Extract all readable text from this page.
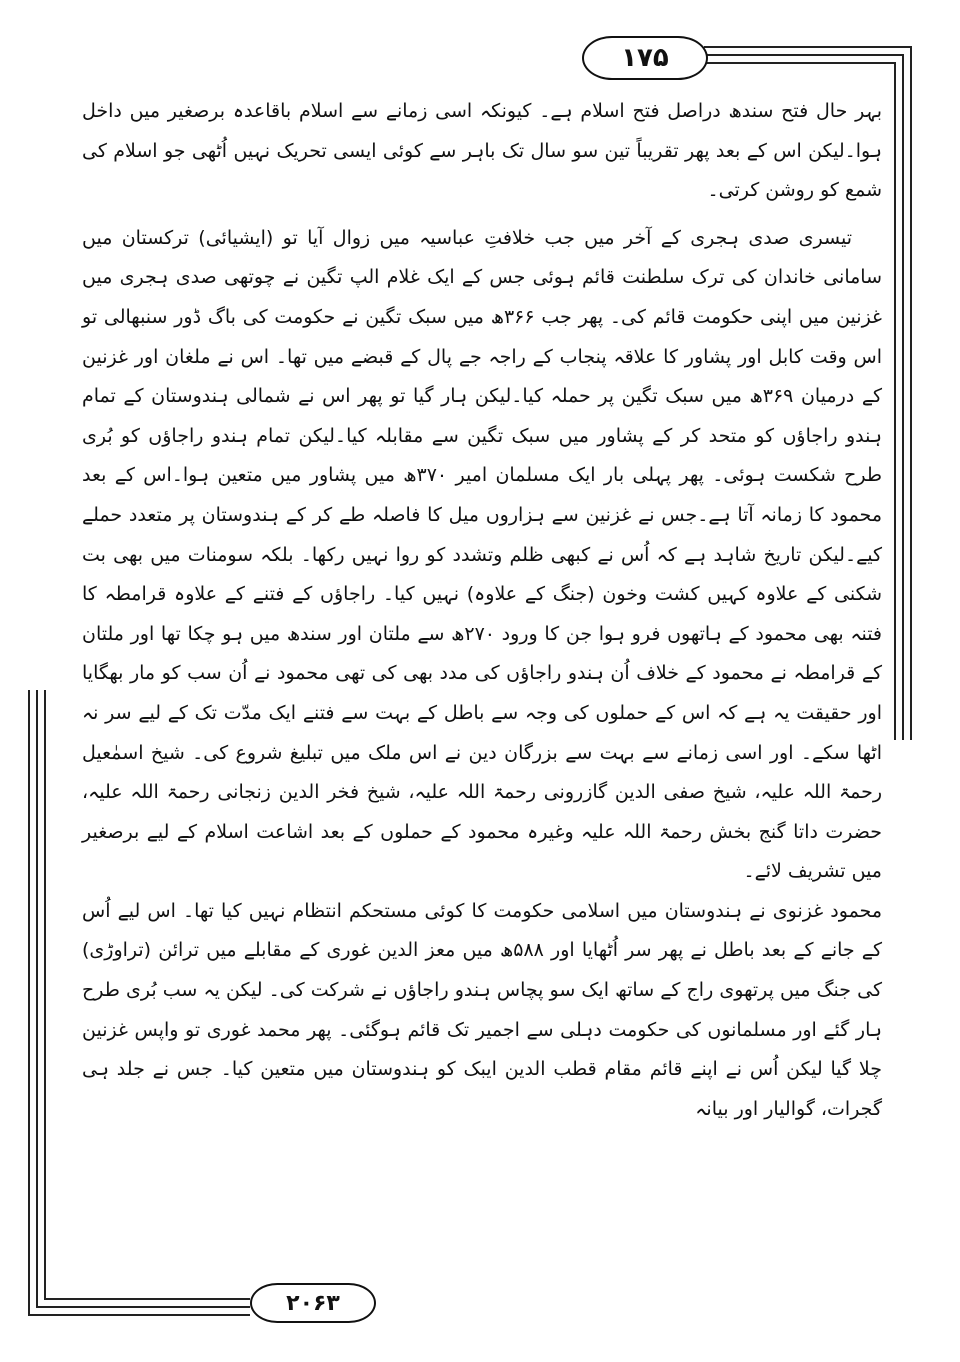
۱۷۵

بہر حال فتح سندھ دراصل فتح اسلام ہے۔ کیونکہ اسی زمانے سے اسلام باقاعدہ برصغیر میں داخل ہوا۔لیکن اس کے بعد پھر تقریباً تین سو سال تک باہر سے کوئی ایسی تحریک نہیں اُٹھی جو اسلام کی شمع کو روشن کرتی۔

تیسری صدی ہجری کے آخر میں جب خلافتِ عباسیہ میں زوال آیا تو (ایشیائی) ترکستان میں سامانی خاندان کی ترک سلطنت قائم ہوئی جس کے ایک غلام الپ تگین نے چوتھی صدی ہجری میں غزنین میں اپنی حکومت قائم کی۔ پھر جب ۳۶۶ھ میں سبک تگین نے حکومت کی باگ ڈور سنبھالی تو اس وقت کابل اور پشاور کا علاقہ پنجاب کے راجہ جے پال کے قبضے میں تھا۔ اس نے ملغان اور غزنین کے درمیان ۳۶۹ھ میں سبک تگین پر حملہ کیا۔لیکن ہار گیا تو پھر اس نے شمالی ہندوستان کے تمام ہندو راجاؤں کو متحد کر کے پشاور میں سبک تگین سے مقابلہ کیا۔لیکن تمام ہندو راجاؤں کو بُری طرح شکست ہوئی۔ پھر پہلی بار ایک مسلمان امیر ۳۷۰ھ میں پشاور میں متعین ہوا۔اس کے بعد محمود کا زمانہ آتا ہے۔جس نے غزنین سے ہزاروں میل کا فاصلہ طے کر کے ہندوستان پر متعدد حملے کیے۔لیکن تاریخ شاہد ہے کہ اُس نے کبھی ظلم وتشدد کو روا نہیں رکھا۔ بلکہ سومنات میں بھی بت شکنی کے علاوہ کہیں کشت وخون (جنگ کے علاوہ) نہیں کیا۔ راجاؤں کے فتنے کے علاوہ قرامطہ کا فتنہ بھی محمود کے ہاتھوں فرو ہوا جن کا ورود ۲۷۰ھ سے ملتان اور سندھ میں ہو چکا تھا اور ملتان کے قرامطہ نے محمود کے خلاف اُن ہندو راجاؤں کی مدد بھی کی تھی محمود نے اُن سب کو مار بھگایا اور حقیقت یہ ہے کہ اس کے حملوں کی وجہ سے باطل کے بہت سے فتنے ایک مدّت تک کے لیے سر نہ اٹھا سکے۔ اور اسی زمانے سے بہت سے بزرگان دین نے اس ملک میں تبلیغ شروع کی۔ شیخ اسمٰعیل رحمۃ اللہ علیہ، شیخ صفی الدین گازرونی رحمۃ اللہ علیہ، شیخ فخر الدین زنجانی رحمۃ اللہ علیہ، حضرت داتا گنج بخش رحمۃ اللہ علیہ وغیرہ محمود کے حملوں کے بعد اشاعت اسلام کے لیے برصغیر میں تشریف لائے۔

محمود غزنوی نے ہندوستان میں اسلامی حکومت کا کوئی مستحکم انتظام نہیں کیا تھا۔ اس لیے اُس کے جانے کے بعد باطل نے پھر سر اُٹھایا اور ۵۸۸ھ میں معز الدین غوری کے مقابلے میں ترائن (تراوڑی) کی جنگ میں پرتھوی راج کے ساتھ ایک سو پچاس ہندو راجاؤں نے شرکت کی۔ لیکن یہ سب بُری طرح ہار گئے اور مسلمانوں کی حکومت دہلی سے اجمیر تک قائم ہوگئی۔ پھر محمد غوری تو واپس غزنین چلا گیا لیکن اُس نے اپنے قائم مقام قطب الدین ایبک کو ہندوستان میں متعین کیا۔ جس نے جلد ہی گجرات، گوالیار اور بیانہ

۲۰۶۳
